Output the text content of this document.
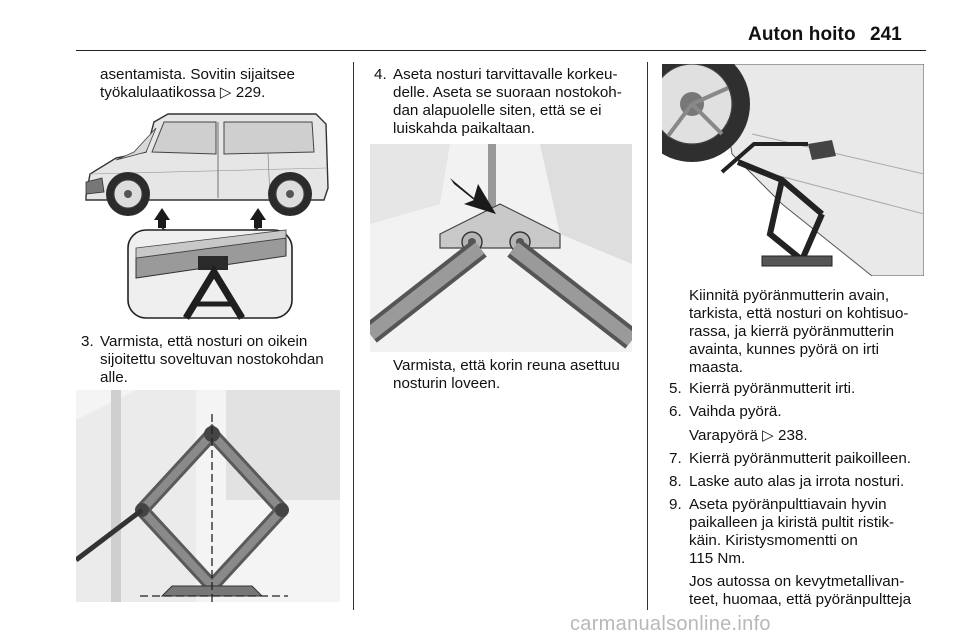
Auton hoito 241
asentamista. Sovitin sijaitsee
työkalulaatikossa ▷ 229.
3. Varmista, että nosturi on oikein
sijoitettu soveltuvan nostokohdan
alle.
4. Aseta nosturi tarvittavalle korkeu-
delle. Aseta se suoraan nostokoh-
dan alapuolelle siten, että se ei
luiskahda paikaltaan.
Varmista, että korin reuna asettuu
nosturin loveen.
Kiinnitä pyöränmutterin avain,
tarkista, että nosturi on kohtisuo-
rassa, ja kierrä pyöränmutterin
avainta, kunnes pyörä on irti
maasta.
5. Kierrä pyöränmutterit irti.
6. Vaihda pyörä.
Varapyörä ▷ 238.
7. Kierrä pyöränmutterit paikoilleen.
8. Laske auto alas ja irrota nosturi.
9. Aseta pyöränpulttiavain hyvin
paikalleen ja kiristä pultit ristik-
käin. Kiristysmomentti on
115 Nm.
Jos autossa on kevytmetallivan-
teet, huomaa, että pyöränpultteja
carmanualsonline.info
